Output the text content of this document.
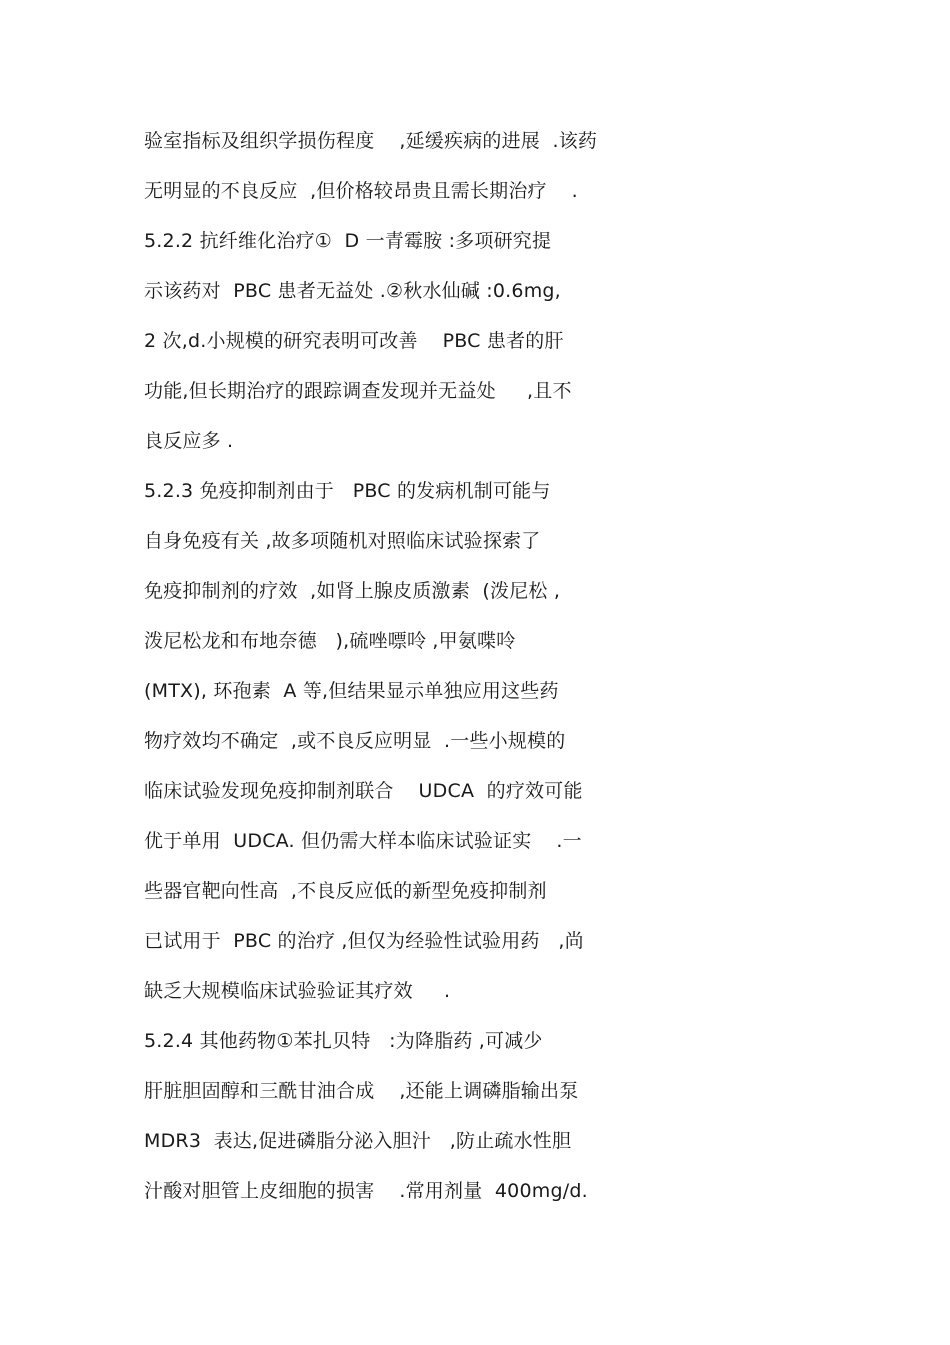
验室指标及组织学损伤程度    ,延缓疾病的进展  .该药
无明显的不良反应  ,但价格较昂贵且需长期治疗    .
5.2.2 抗纤维化治疗①  D 一青霉胺 :多项研究提
示该药对  PBC 患者无益处 .②秋水仙碱 :0.6mg,
2 次,d.小规模的研究表明可改善    PBC 患者的肝
功能,但长期治疗的跟踪调查发现并无益处     ,且不
良反应多 .
5.2.3 免疫抑制剂由于   PBC 的发病机制可能与
自身免疫有关 ,故多项随机对照临床试验探索了
免疫抑制剂的疗效  ,如肾上腺皮质激素  (泼尼松 ,
泼尼松龙和布地奈德   ),硫唑嘌呤 ,甲氨喋呤
(MTX), 环孢素  A 等,但结果显示单独应用这些药
物疗效均不确定  ,或不良反应明显  .一些小规模的
临床试验发现免疫抑制剂联合    UDCA  的疗效可能
优于单用  UDCA. 但仍需大样本临床试验证实    .一
些器官靶向性高  ,不良反应低的新型免疫抑制剂
已试用于  PBC 的治疗 ,但仅为经验性试验用药   ,尚
缺乏大规模临床试验验证其疗效     .
5.2.4 其他药物①苯扎贝特   :为降脂药 ,可减少
肝脏胆固醇和三酰甘油合成    ,还能上调磷脂输出泵
MDR3  表达,促进磷脂分泌入胆汁   ,防止疏水性胆
汁酸对胆管上皮细胞的损害    .常用剂量  400mg/d.
